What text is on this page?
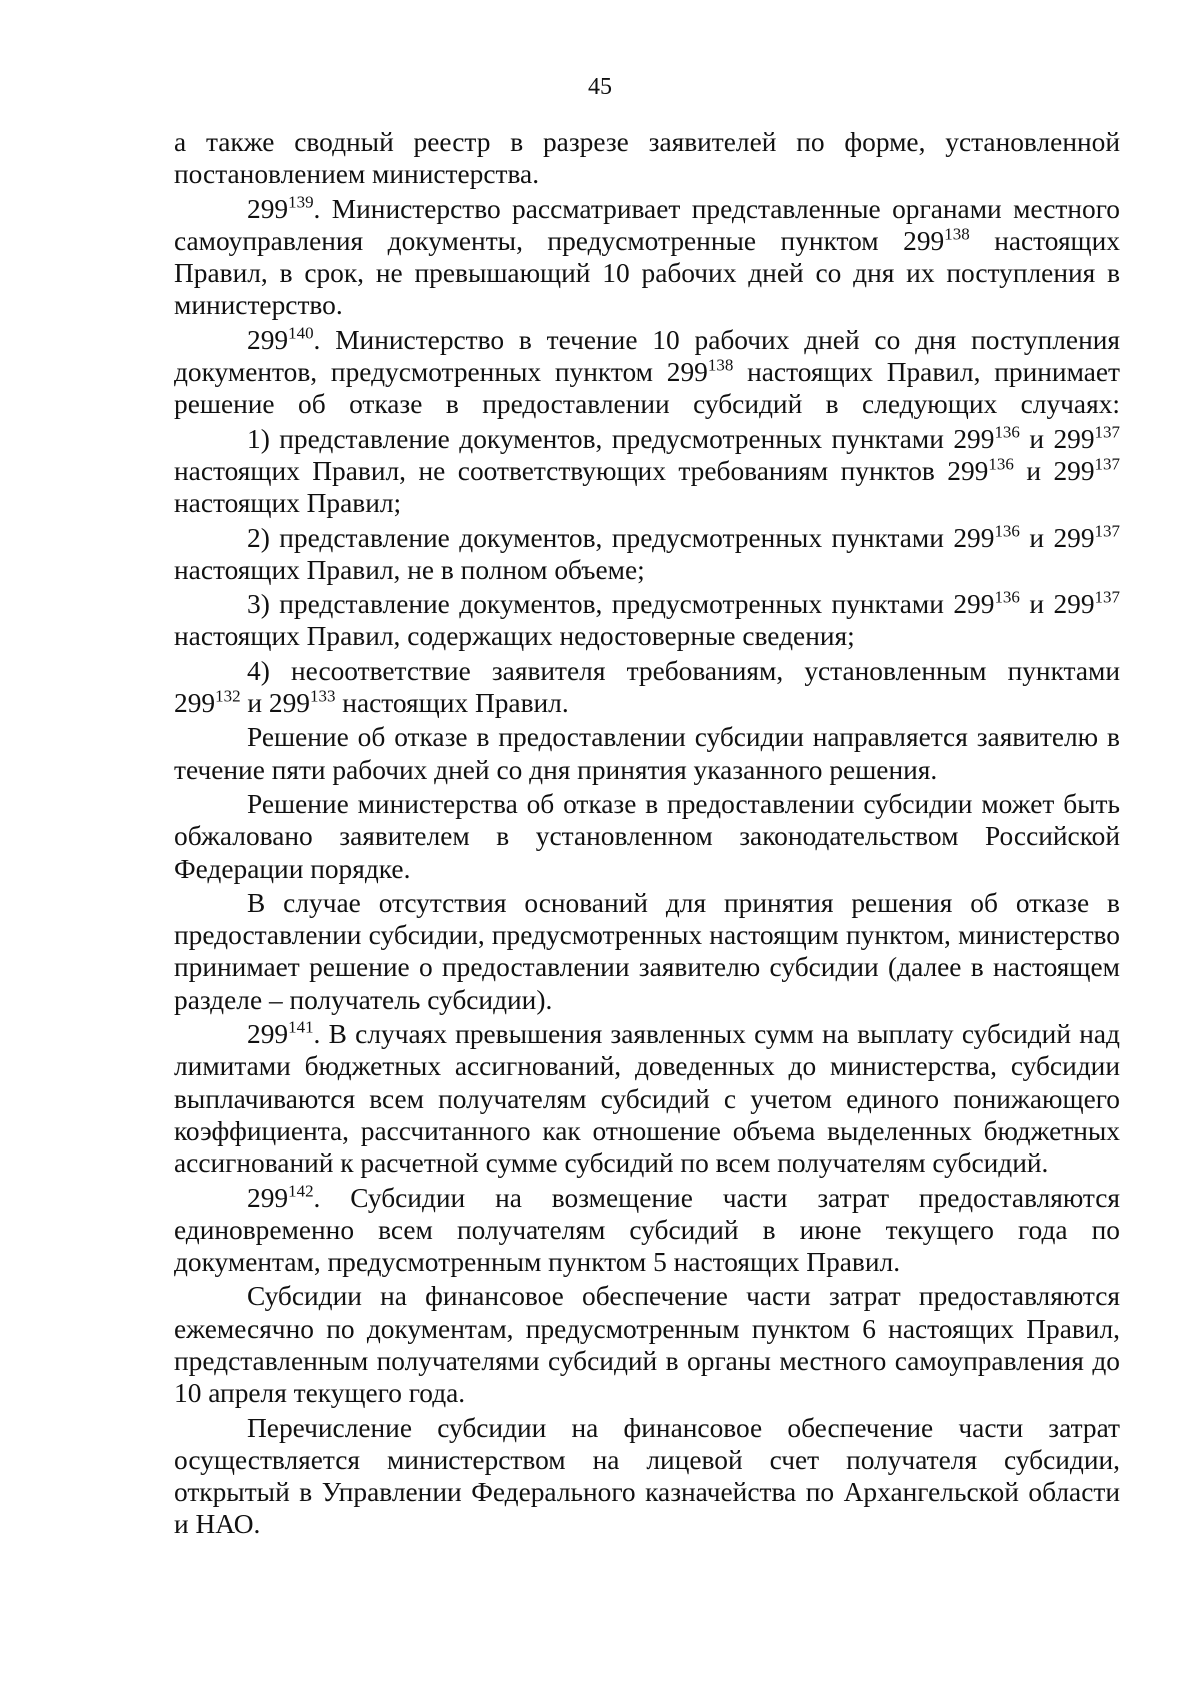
45

а также сводный реестр в разрезе заявителей по форме, установленной

постановлением министерства.

$299^{139}$. Министерство рассматривает представленные органами местного самоуправления документы, предусмотренные пунктом $299^{138}$ настоящих Правил, в срок, не превышающий 10 рабочих дней со дня их поступления в министерство.

$299^{140}$. Министерство в течение 10 рабочих дней со дня поступления документов, предусмотренных пунктом $299^{138}$ настоящих Правил, принимает решение об отказе в предоставлении субсидий в следующих случаях:

1) представление документов, предусмотренных пунктами $299^{136}$ и $299^{137}$ настоящих Правил, не соответствующих требованиям пунктов $299^{136}$ и $299^{137}$ настоящих Правил;

2) представление документов, предусмотренных пунктами $299^{136}$ и $299^{137}$ настоящих Правил, не в полном объеме;

3) представление документов, предусмотренных пунктами $299^{136}$ и $299^{137}$ настоящих Правил, содержащих недостоверные сведения;

4) несоответствие заявителя требованиям, установленным пунктами $299^{132}$ и $299^{133}$ настоящих Правил.

Решение об отказе в предоставлении субсидии направляется заявителю в течение пяти рабочих дней со дня принятия указанного решения.

Решение министерства об отказе в предоставлении субсидии может быть обжаловано заявителем в установленном законодательством Российской Федерации порядке.

В случае отсутствия оснований для принятия решения об отказе в предоставлении субсидии, предусмотренных настоящим пунктом, министерство принимает решение о предоставлении заявителю субсидии (далее в настоящем разделе – получатель субсидии).

$299^{141}$. В случаях превышения заявленных сумм на выплату субсидий над лимитами бюджетных ассигнований, доведенных до министерства, субсидии выплачиваются всем получателям субсидий с учетом единого понижающего коэффициента, рассчитанного как отношение объема выделенных бюджетных ассигнований к расчетной сумме субсидий по всем получателям субсидий.

$299^{142}$. Субсидии на возмещение части затрат предоставляются единовременно всем получателям субсидий в июне текущего года по документам, предусмотренным пунктом 5 настоящих Правил.

Субсидии на финансовое обеспечение части затрат предоставляются ежемесячно по документам, предусмотренным пунктом 6 настоящих Правил, представленным получателями субсидий в органы местного самоуправления до 10 апреля текущего года.

Перечисление субсидии на финансовое обеспечение части затрат осуществляется министерством на лицевой счет получателя субсидии, открытый в Управлении Федерального казначейства по Архангельской области и НАО.
